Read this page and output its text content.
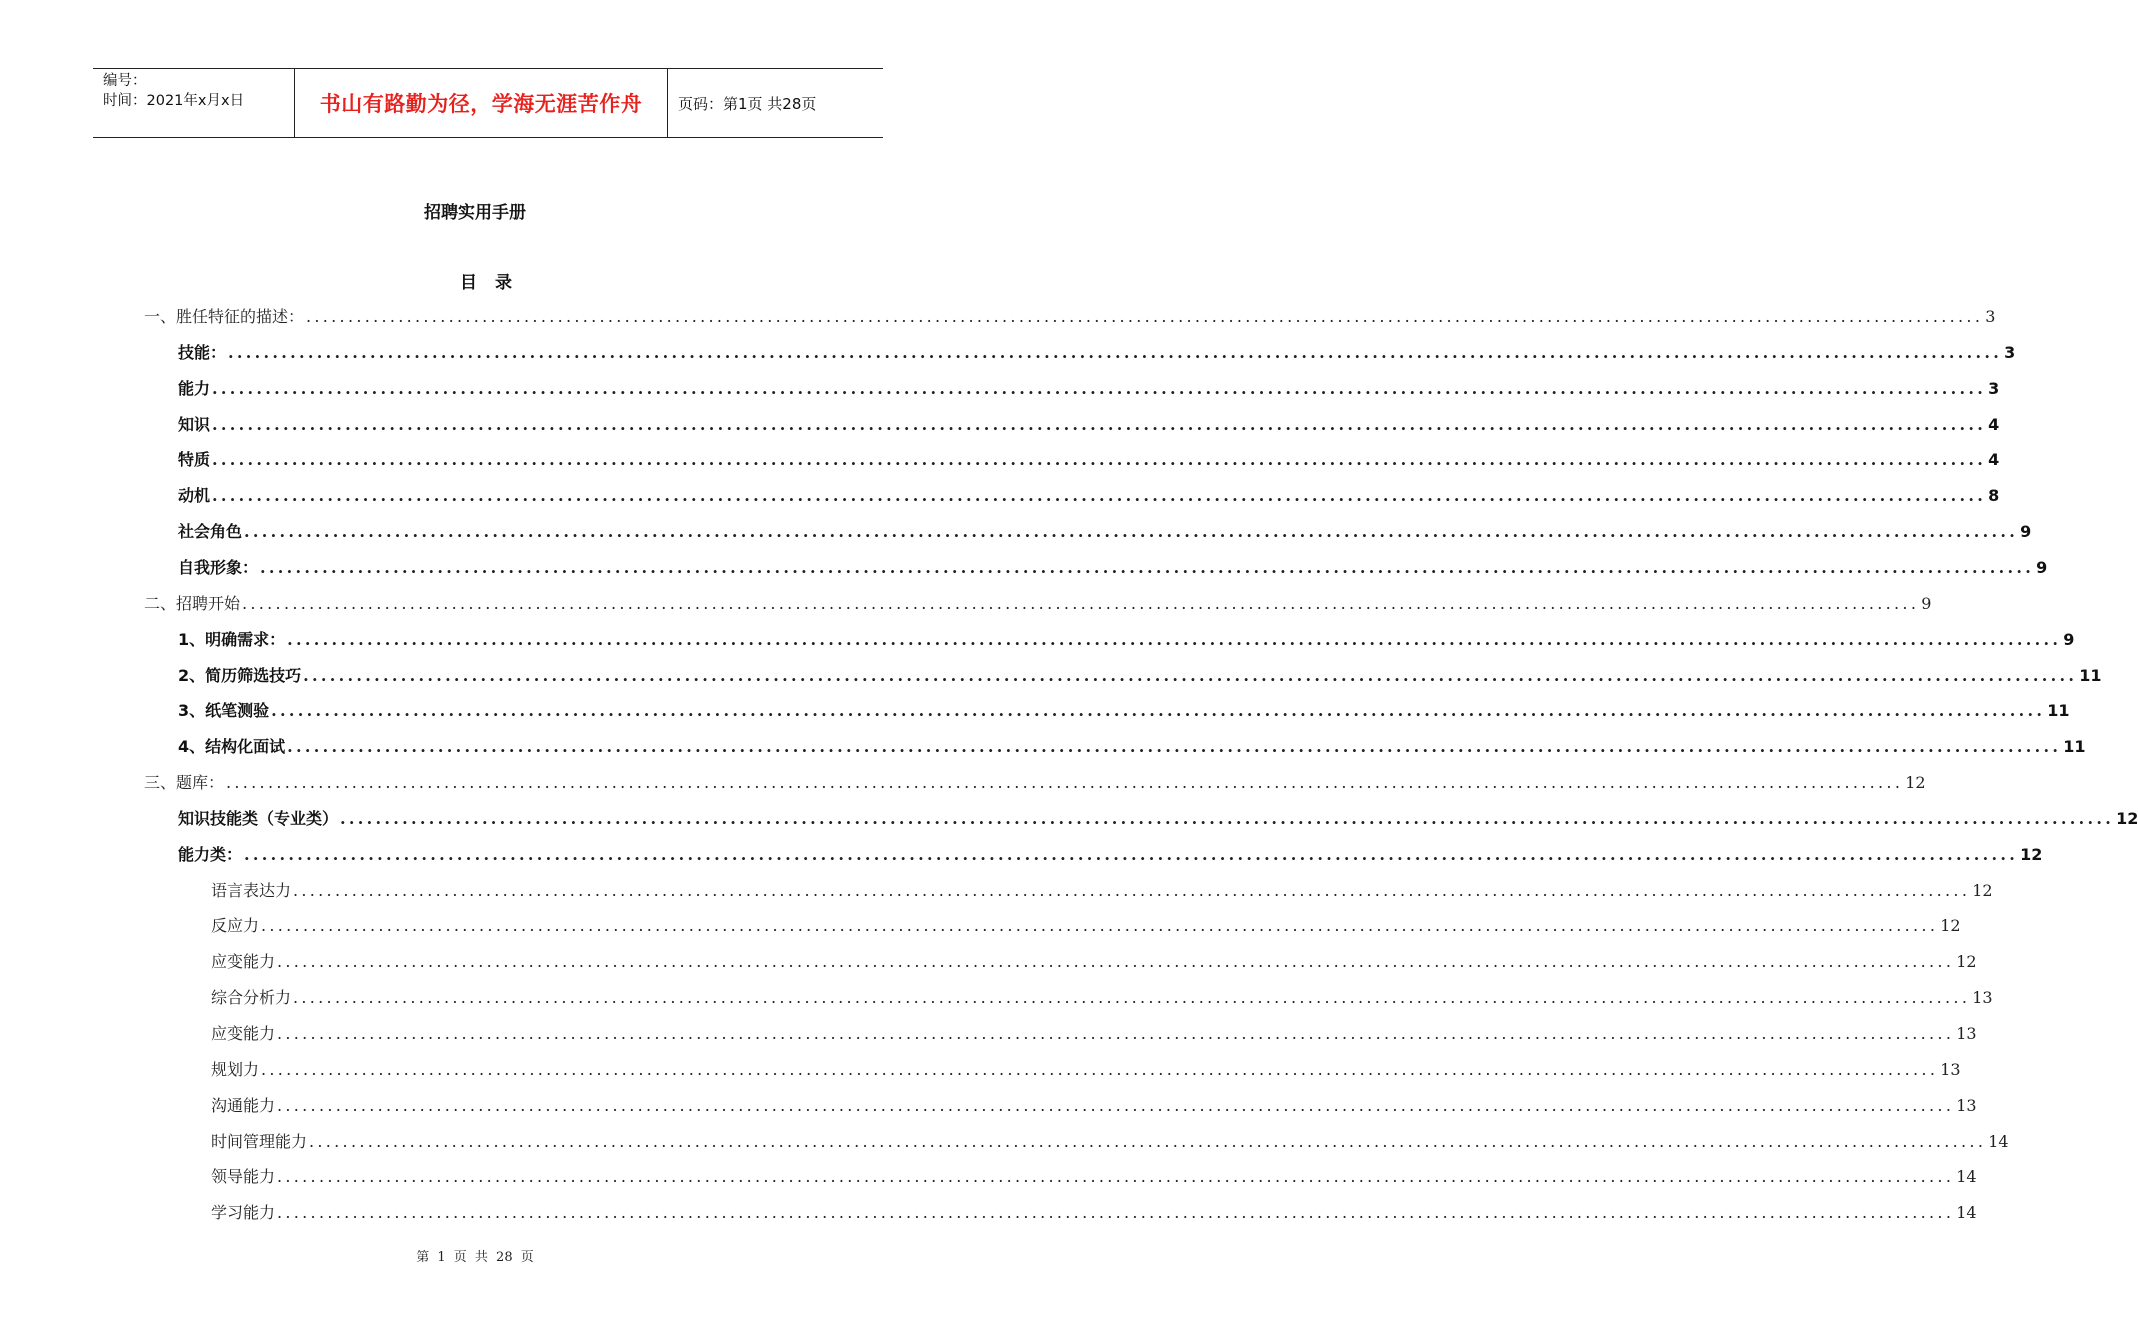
编号：
时间：2021年x月x日	书山有路勤为径，学海无涯苦作舟	页码：第1页 共28页
招聘实用手册
目 录
一、胜任特征的描述： ........................................................................................................................................................................................................ 3
技能： ........................................................................................................................................................................................................ 3
能力 ........................................................................................................................................................................................................ 3
知识 ........................................................................................................................................................................................................ 4
特质 ........................................................................................................................................................................................................ 4
动机 ........................................................................................................................................................................................................ 8
社会角色 ........................................................................................................................................................................................................ 9
自我形象： ........................................................................................................................................................................................................ 9
二、招聘开始 ........................................................................................................................................................................................................ 9
1、明确需求： ........................................................................................................................................................................................................ 9
2、简历筛选技巧 ........................................................................................................................................................................................................ 11
3、纸笔测验 ........................................................................................................................................................................................................ 11
4、结构化面试 ........................................................................................................................................................................................................ 11
三、题库： ........................................................................................................................................................................................................ 12
知识技能类（专业类） ........................................................................................................................................................................................................ 12
能力类： ........................................................................................................................................................................................................ 12
语言表达力 ........................................................................................................................................................................................................ 12
反应力 ........................................................................................................................................................................................................ 12
应变能力 ........................................................................................................................................................................................................ 12
综合分析力 ........................................................................................................................................................................................................ 13
应变能力 ........................................................................................................................................................................................................ 13
规划力 ........................................................................................................................................................................................................ 13
沟通能力 ........................................................................................................................................................................................................ 13
时间管理能力 ........................................................................................................................................................................................................ 14
领导能力 ........................................................................................................................................................................................................ 14
学习能力 ........................................................................................................................................................................................................ 14
第 1 页 共 28 页
